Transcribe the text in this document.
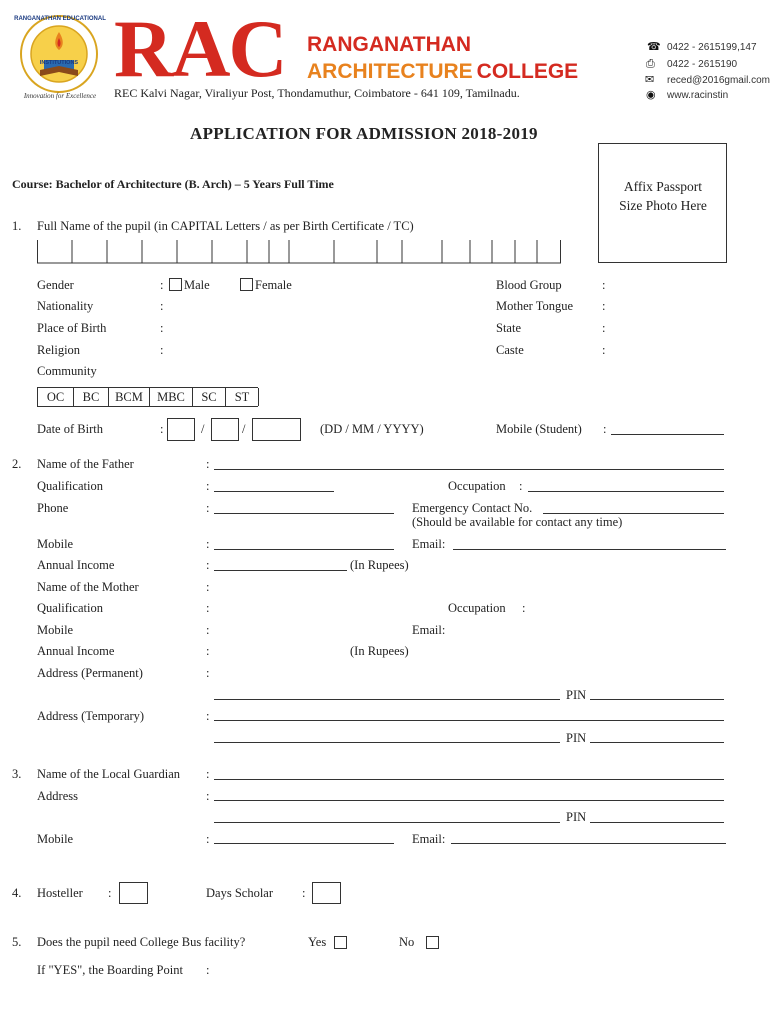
RANGANATHAN EDUCATIONAL
INSTITUTIONS
Innovation for Excellence
RAC RANGANATHAN
ARCHITECTURE COLLEGE
REC Kalvi Nagar, Viraliyur Post, Thondamuthur, Coimbatore - 641 109, Tamilnadu.
☎ 0422 - 2615199,147
⎙ 0422 - 2615190
✉ reced@2016gmail.com
◉ www.racinstin
APPLICATION FOR ADMISSION 2018-2019
Course: Bachelor of Architecture (B. Arch) – 5 Years Full Time	Affix Passport Size Photo Here
1. Full Name of the pupil (in CAPITAL Letters / as per Birth Certificate / TC)
Gender	: Male	Female	Blood Group	:
Nationality	:	Mother Tongue :
Place of Birth	:	State	:
Religion	:	Caste	:
Community
OC	BC	BCM	MBC	SC	ST
Date of Birth	:	/	/	(DD / MM / YYYY)	Mobile (Student) :
2. Name of the Father	:
Qualification	:	Occupation :
Phone	:	Emergency Contact No.
(Should be available for contact any time)
Mobile	:	Email:
Annual Income	:	(In Rupees)
Name of the Mother	:
Qualification	:	Occupation :
Mobile	:	Email:
Annual Income	:	(In Rupees)
Address (Permanent)	:
PIN
Address (Temporary)	:
PIN
3. Name of the Local Guardian :
Address	:
PIN
Mobile	:	Email:
4. Hosteller :	Days Scholar :
5. Does the pupil need College Bus facility?	Yes	No
If "YES", the Boarding Point :
